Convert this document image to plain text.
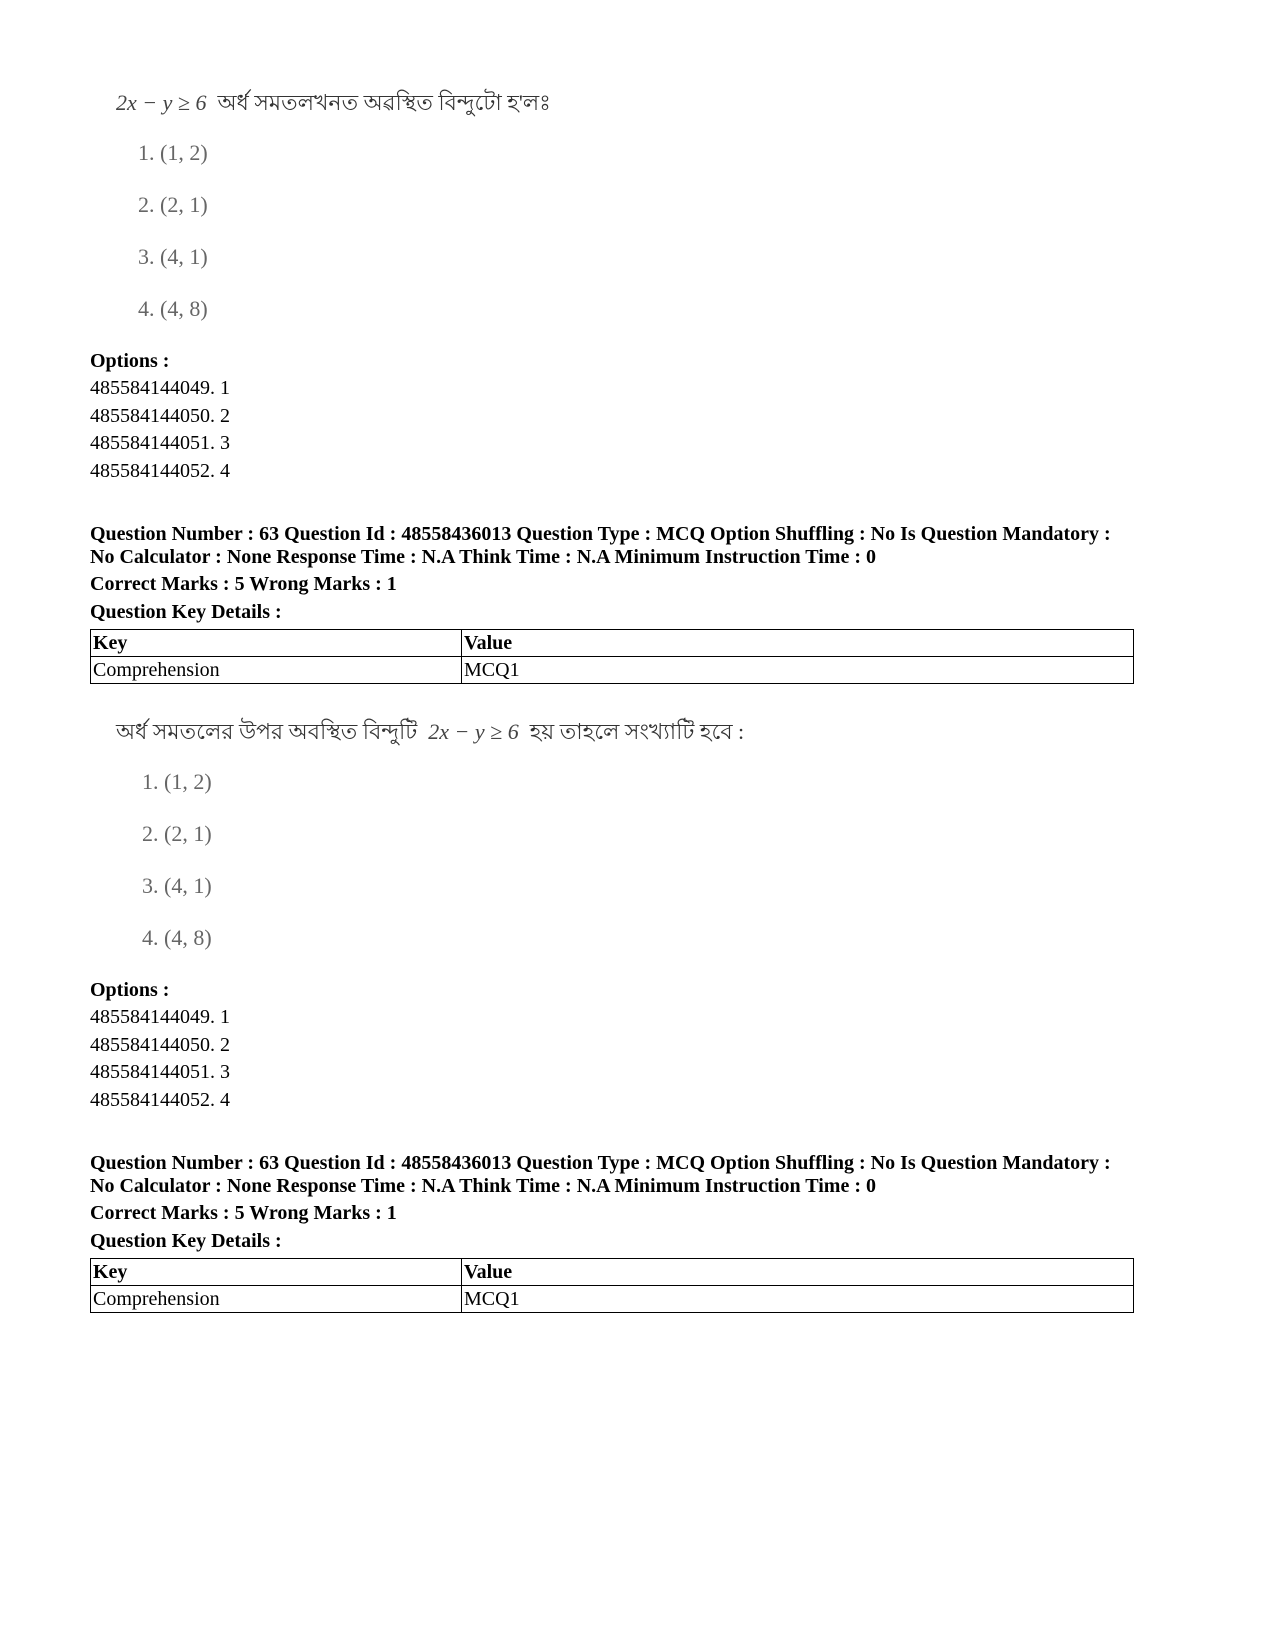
2x − y ≥ 6 অৰ্ধ সমতলখনত অৱস্থিত বিন্দুটো হ'লঃ
1. (1, 2)
2. (2, 1)
3. (4, 1)
4. (4, 8)
Options :
485584144049. 1
485584144050. 2
485584144051. 3
485584144052. 4
Question Number : 63 Question Id : 48558436013 Question Type : MCQ Option Shuffling : No Is Question Mandatory :
No Calculator : None Response Time : N.A Think Time : N.A Minimum Instruction Time : 0
Correct Marks : 5 Wrong Marks : 1
Question Key Details :
Key	Value
Comprehension	MCQ1
অর্ধ সমতলের উপর অবস্থিত বিন্দুটি 2x − y ≥ 6 হয় তাহলে সংখ্যাটি হবে :
1. (1, 2)
2. (2, 1)
3. (4, 1)
4. (4, 8)
Options :
485584144049. 1
485584144050. 2
485584144051. 3
485584144052. 4
Question Number : 63 Question Id : 48558436013 Question Type : MCQ Option Shuffling : No Is Question Mandatory :
No Calculator : None Response Time : N.A Think Time : N.A Minimum Instruction Time : 0
Correct Marks : 5 Wrong Marks : 1
Question Key Details :
Key	Value
Comprehension	MCQ1
